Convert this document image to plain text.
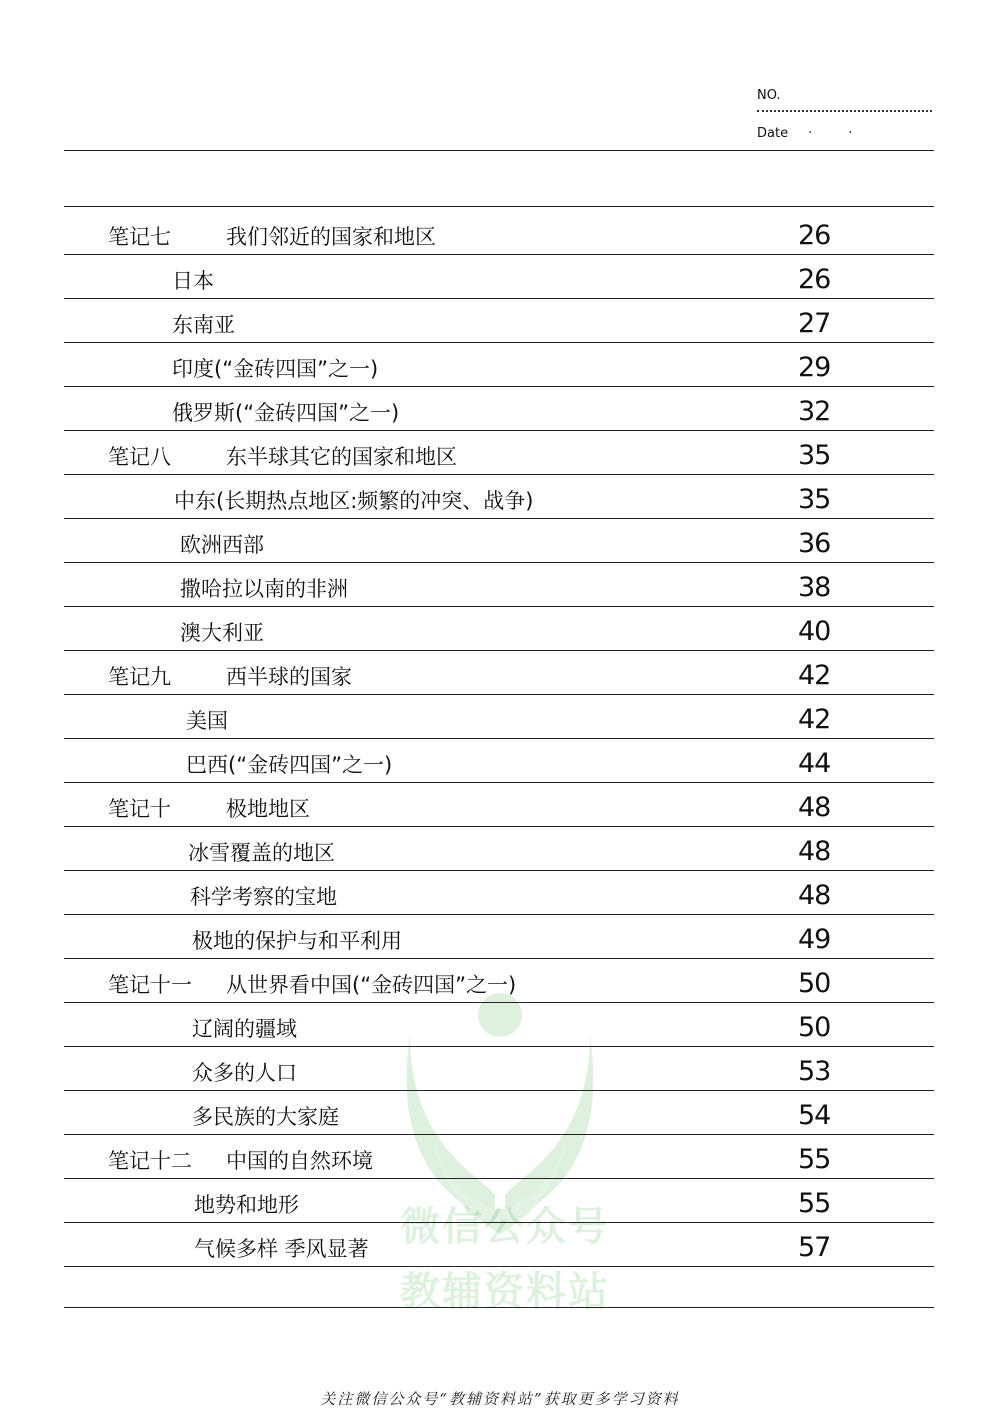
NO.
Date ··
微信公众号
教辅资料站
笔记七	我们邻近的国家和地区	26
日本	26
东南亚	27
印度(“金砖四国”之一)	29
俄罗斯(“金砖四国”之一)	32
笔记八	东半球其它的国家和地区	35
中东(长期热点地区:频繁的冲突、战争)	35
欧洲西部	36
撒哈拉以南的非洲	38
澳大利亚	40
笔记九	西半球的国家	42
美国	42
巴西(“金砖四国”之一)	44
笔记十	极地地区	48
冰雪覆盖的地区	48
科学考察的宝地	48
极地的保护与和平利用	49
笔记十一 从世界看中国(“金砖四国”之一)	50
辽阔的疆域	50
众多的人口	53
多民族的大家庭	54
笔记十二 中国的自然环境	55
地势和地形	55
气候多样 季风显著	57
关注微信公众号“教辅资料站”获取更多学习资料
